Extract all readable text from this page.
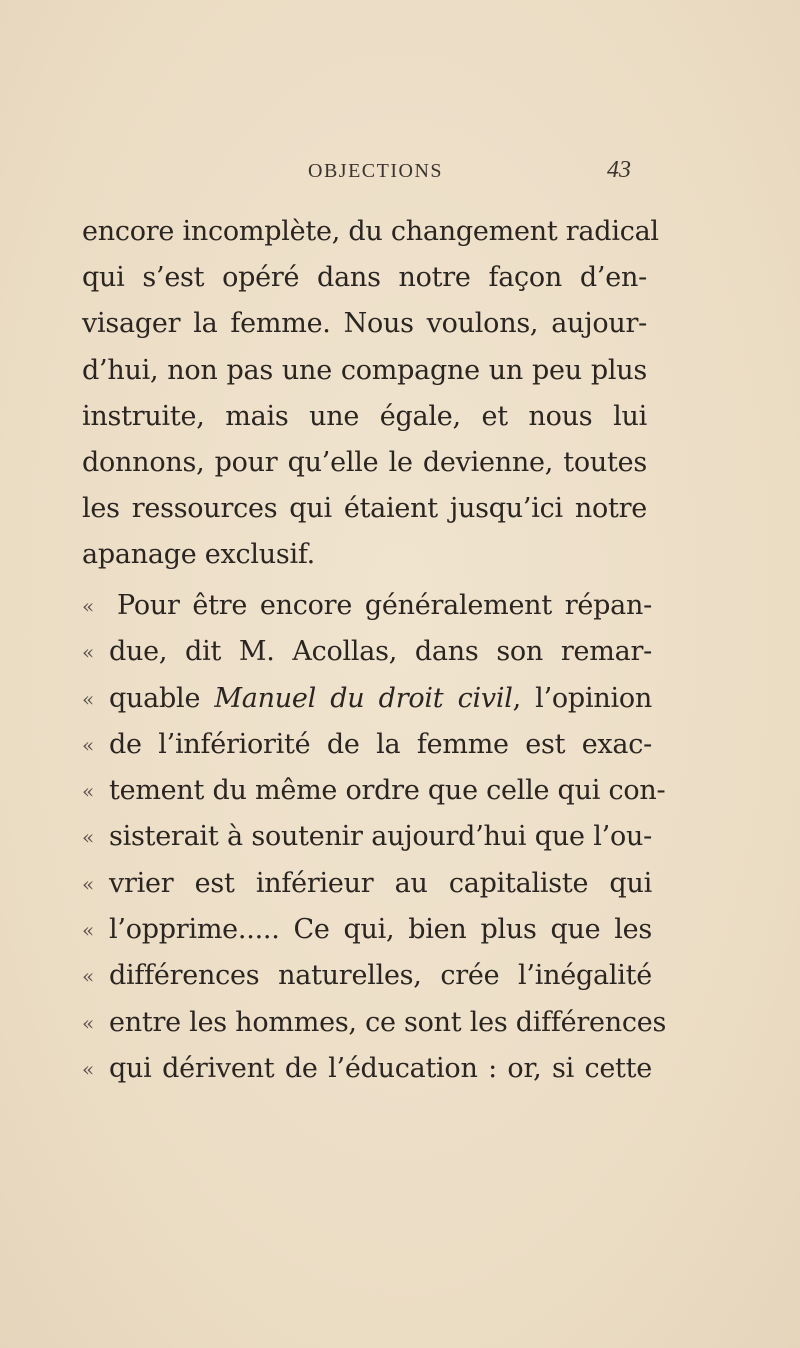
OBJECTIONS	43
encore incomplète, du changement radical
qui s’est opéré dans notre façon d’en-
visager la femme. Nous voulons, aujour-
d’hui, non pas une compagne un peu plus
instruite, mais une égale, et nous lui
donnons, pour qu’elle le devienne, toutes
les ressources qui étaient jusqu’ici notre
apanage exclusif.
« Pour être encore généralement répan-
« due, dit M. Acollas, dans son remar-
« quable Manuel du droit civil, l’opinion
« de l’infériorité de la femme est exac-
« tement du même ordre que celle qui con-
« sisterait à soutenir aujourd’hui que l’ou-
« vrier est inférieur au capitaliste qui
« l’opprime..... Ce qui, bien plus que les
« différences naturelles, crée l’inégalité
« entre les hommes, ce sont les différences
« qui dérivent de l’éducation : or, si cette
